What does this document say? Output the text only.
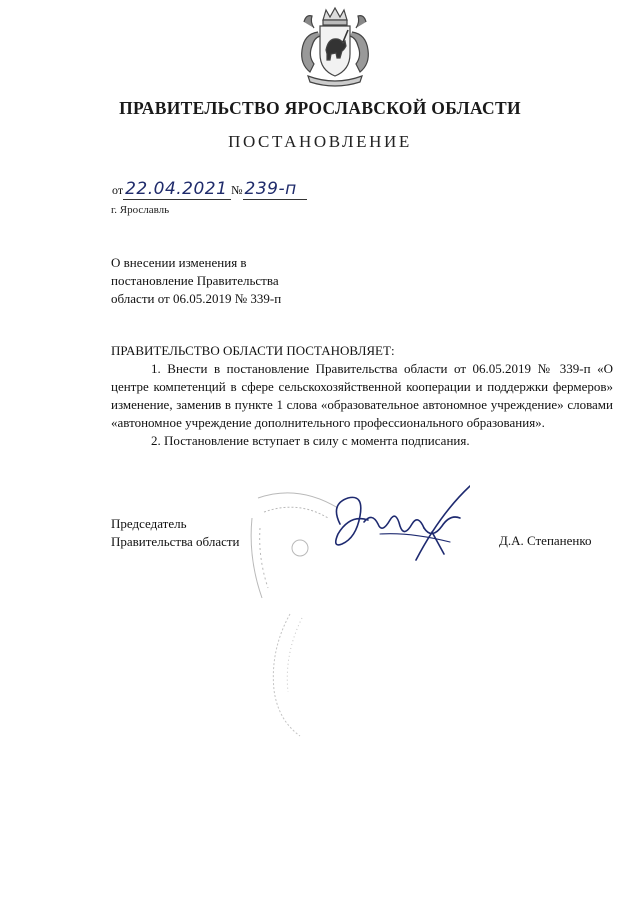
ПРАВИТЕЛЬСТВО ЯРОСЛАВСКОЙ ОБЛАСТИ
ПОСТАНОВЛЕНИЕ
от 22.04.2021 № 239-п
г. Ярославль
О внесении изменения в
постановление Правительства
области от 06.05.2019 № 339-п
ПРАВИТЕЛЬСТВО ОБЛАСТИ ПОСТАНОВЛЯЕТ:
1. Внести в постановление Правительства области от 06.05.2019 № 339-п «О центре компетенций в сфере сельскохозяйственной кооперации и поддержки фермеров» изменение, заменив в пункте 1 слова «образовательное автономное учреждение» словами «автономное учреждение дополнительного профессионального образования».
2. Постановление вступает в силу с момента подписания.
Председатель
Правительства области	Д.А. Степаненко
